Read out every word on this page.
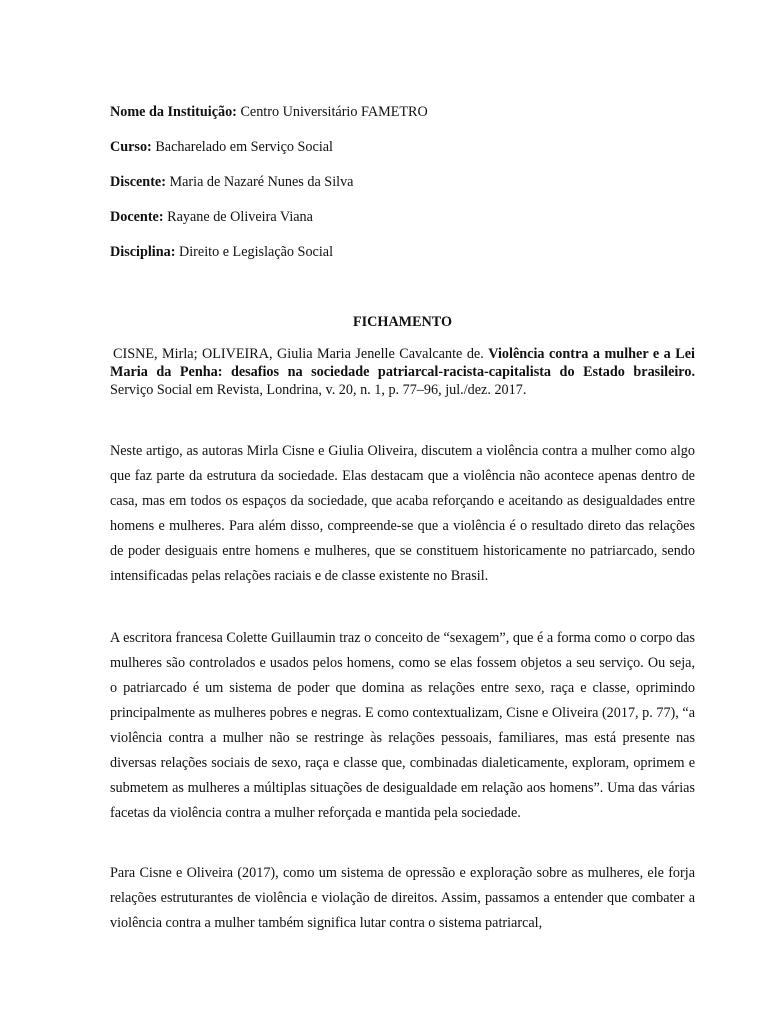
Nome da Instituição: Centro Universitário FAMETRO

Curso: Bacharelado em Serviço Social

Discente: Maria de Nazaré Nunes da Silva

Docente: Rayane de Oliveira Viana

Disciplina: Direito e Legislação Social

FICHAMENTO

CISNE, Mirla; OLIVEIRA, Giulia Maria Jenelle Cavalcante de. Violência contra a mulher e a Lei Maria da Penha: desafios na sociedade patriarcal-racista-capitalista do Estado brasileiro. Serviço Social em Revista, Londrina, v. 20, n. 1, p. 77–96, jul./dez. 2017.

Neste artigo, as autoras Mirla Cisne e Giulia Oliveira, discutem a violência contra a mulher como algo que faz parte da estrutura da sociedade. Elas destacam que a violência não acontece apenas dentro de casa, mas em todos os espaços da sociedade, que acaba reforçando e aceitando as desigualdades entre homens e mulheres. Para além disso, compreende-se que a violência é o resultado direto das relações de poder desiguais entre homens e mulheres, que se constituem historicamente no patriarcado, sendo intensificadas pelas relações raciais e de classe existente no Brasil.

A escritora francesa Colette Guillaumin traz o conceito de “sexagem”, que é a forma como o corpo das mulheres são controlados e usados pelos homens, como se elas fossem objetos a seu serviço. Ou seja, o patriarcado é um sistema de poder que domina as relações entre sexo, raça e classe, oprimindo principalmente as mulheres pobres e negras. E como contextualizam, Cisne e Oliveira (2017, p. 77), “a violência contra a mulher não se restringe às relações pessoais, familiares, mas está presente nas diversas relações sociais de sexo, raça e classe que, combinadas dialeticamente, exploram, oprimem e submetem as mulheres a múltiplas situações de desigualdade em relação aos homens”. Uma das várias facetas da violência contra a mulher reforçada e mantida pela sociedade.

Para Cisne e Oliveira (2017), como um sistema de opressão e exploração sobre as mulheres, ele forja relações estruturantes de violência e violação de direitos. Assim, passamos a entender que combater a violência contra a mulher também significa lutar contra o sistema patriarcal,
